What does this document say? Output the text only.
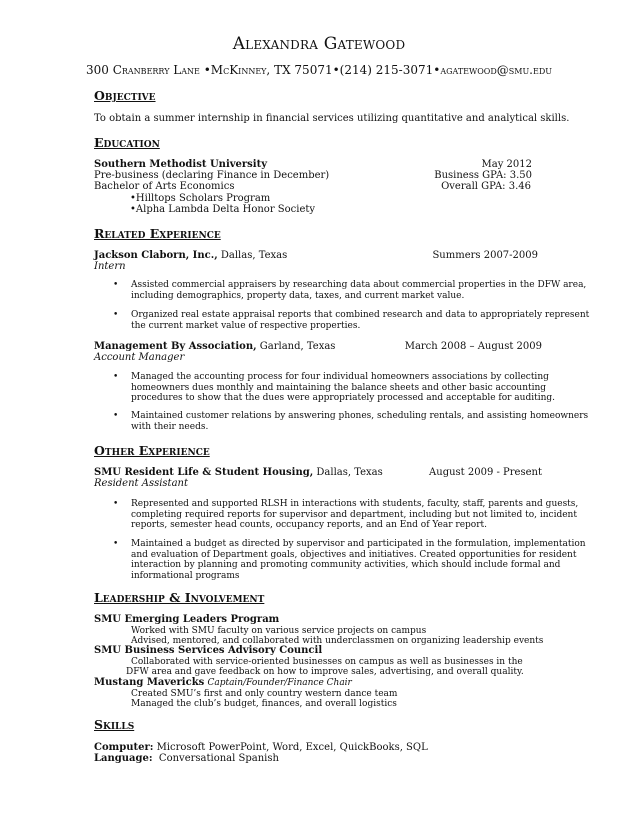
Alexandra Gatewood
300 Cranberry Lane •McKinney, TX 75071•(214) 215-3071•agatewood@smu.edu
Objective
To obtain a summer internship in financial services utilizing quantitative and analytical skills.
Education
Southern Methodist University	May 2012
Pre-business (declaring Finance in December)	Business GPA: 3.50
Bachelor of Arts Economics	Overall GPA: 3.46
•Hilltops Scholars Program
•Alpha Lambda Delta Honor Society
Related Experience
Jackson Claborn, Inc., Dallas, Texas	Summers 2007-2009
Intern
• Assisted commercial appraisers by researching data about commercial properties in the DFW area,
including demographics, property data, taxes, and current market value.
• Organized real estate appraisal reports that combined research and data to appropriately represent
the current market value of respective properties.
Management By Association, Garland, Texas	March 2008 – August 2009
Account Manager
• Managed the accounting process for four individual homeowners associations by collecting
homeowners dues monthly and maintaining the balance sheets and other basic accounting
procedures to show that the dues were appropriately processed and acceptable for auditing.
• Maintained customer relations by answering phones, scheduling rentals, and assisting homeowners
with their needs.
Other Experience
SMU Resident Life & Student Housing, Dallas, Texas	August 2009 - Present
Resident Assistant
• Represented and supported RLSH in interactions with students, faculty, staff, parents and guests,
completing required reports for supervisor and department, including but not limited to, incident
reports, semester head counts, occupancy reports, and an End of Year report.
• Maintained a budget as directed by supervisor and participated in the formulation, implementation
and evaluation of Department goals, objectives and initiatives. Created opportunities for resident
interaction by planning and promoting community activities, which should include formal and
informational programs
Leadership & Involvement
SMU Emerging Leaders Program
Worked with SMU faculty on various service projects on campus
Advised, mentored, and collaborated with underclassmen on organizing leadership events
SMU Business Services Advisory Council
Collaborated with service-oriented businesses on campus as well as businesses in the
DFW area and gave feedback on how to improve sales, advertising, and overall quality.
Mustang Mavericks Captain/Founder/Finance Chair
Created SMU’s first and only country western dance team
Managed the club’s budget, finances, and overall logistics
Skills
Computer: Microsoft PowerPoint, Word, Excel, QuickBooks, SQL
Language:  Conversational Spanish
